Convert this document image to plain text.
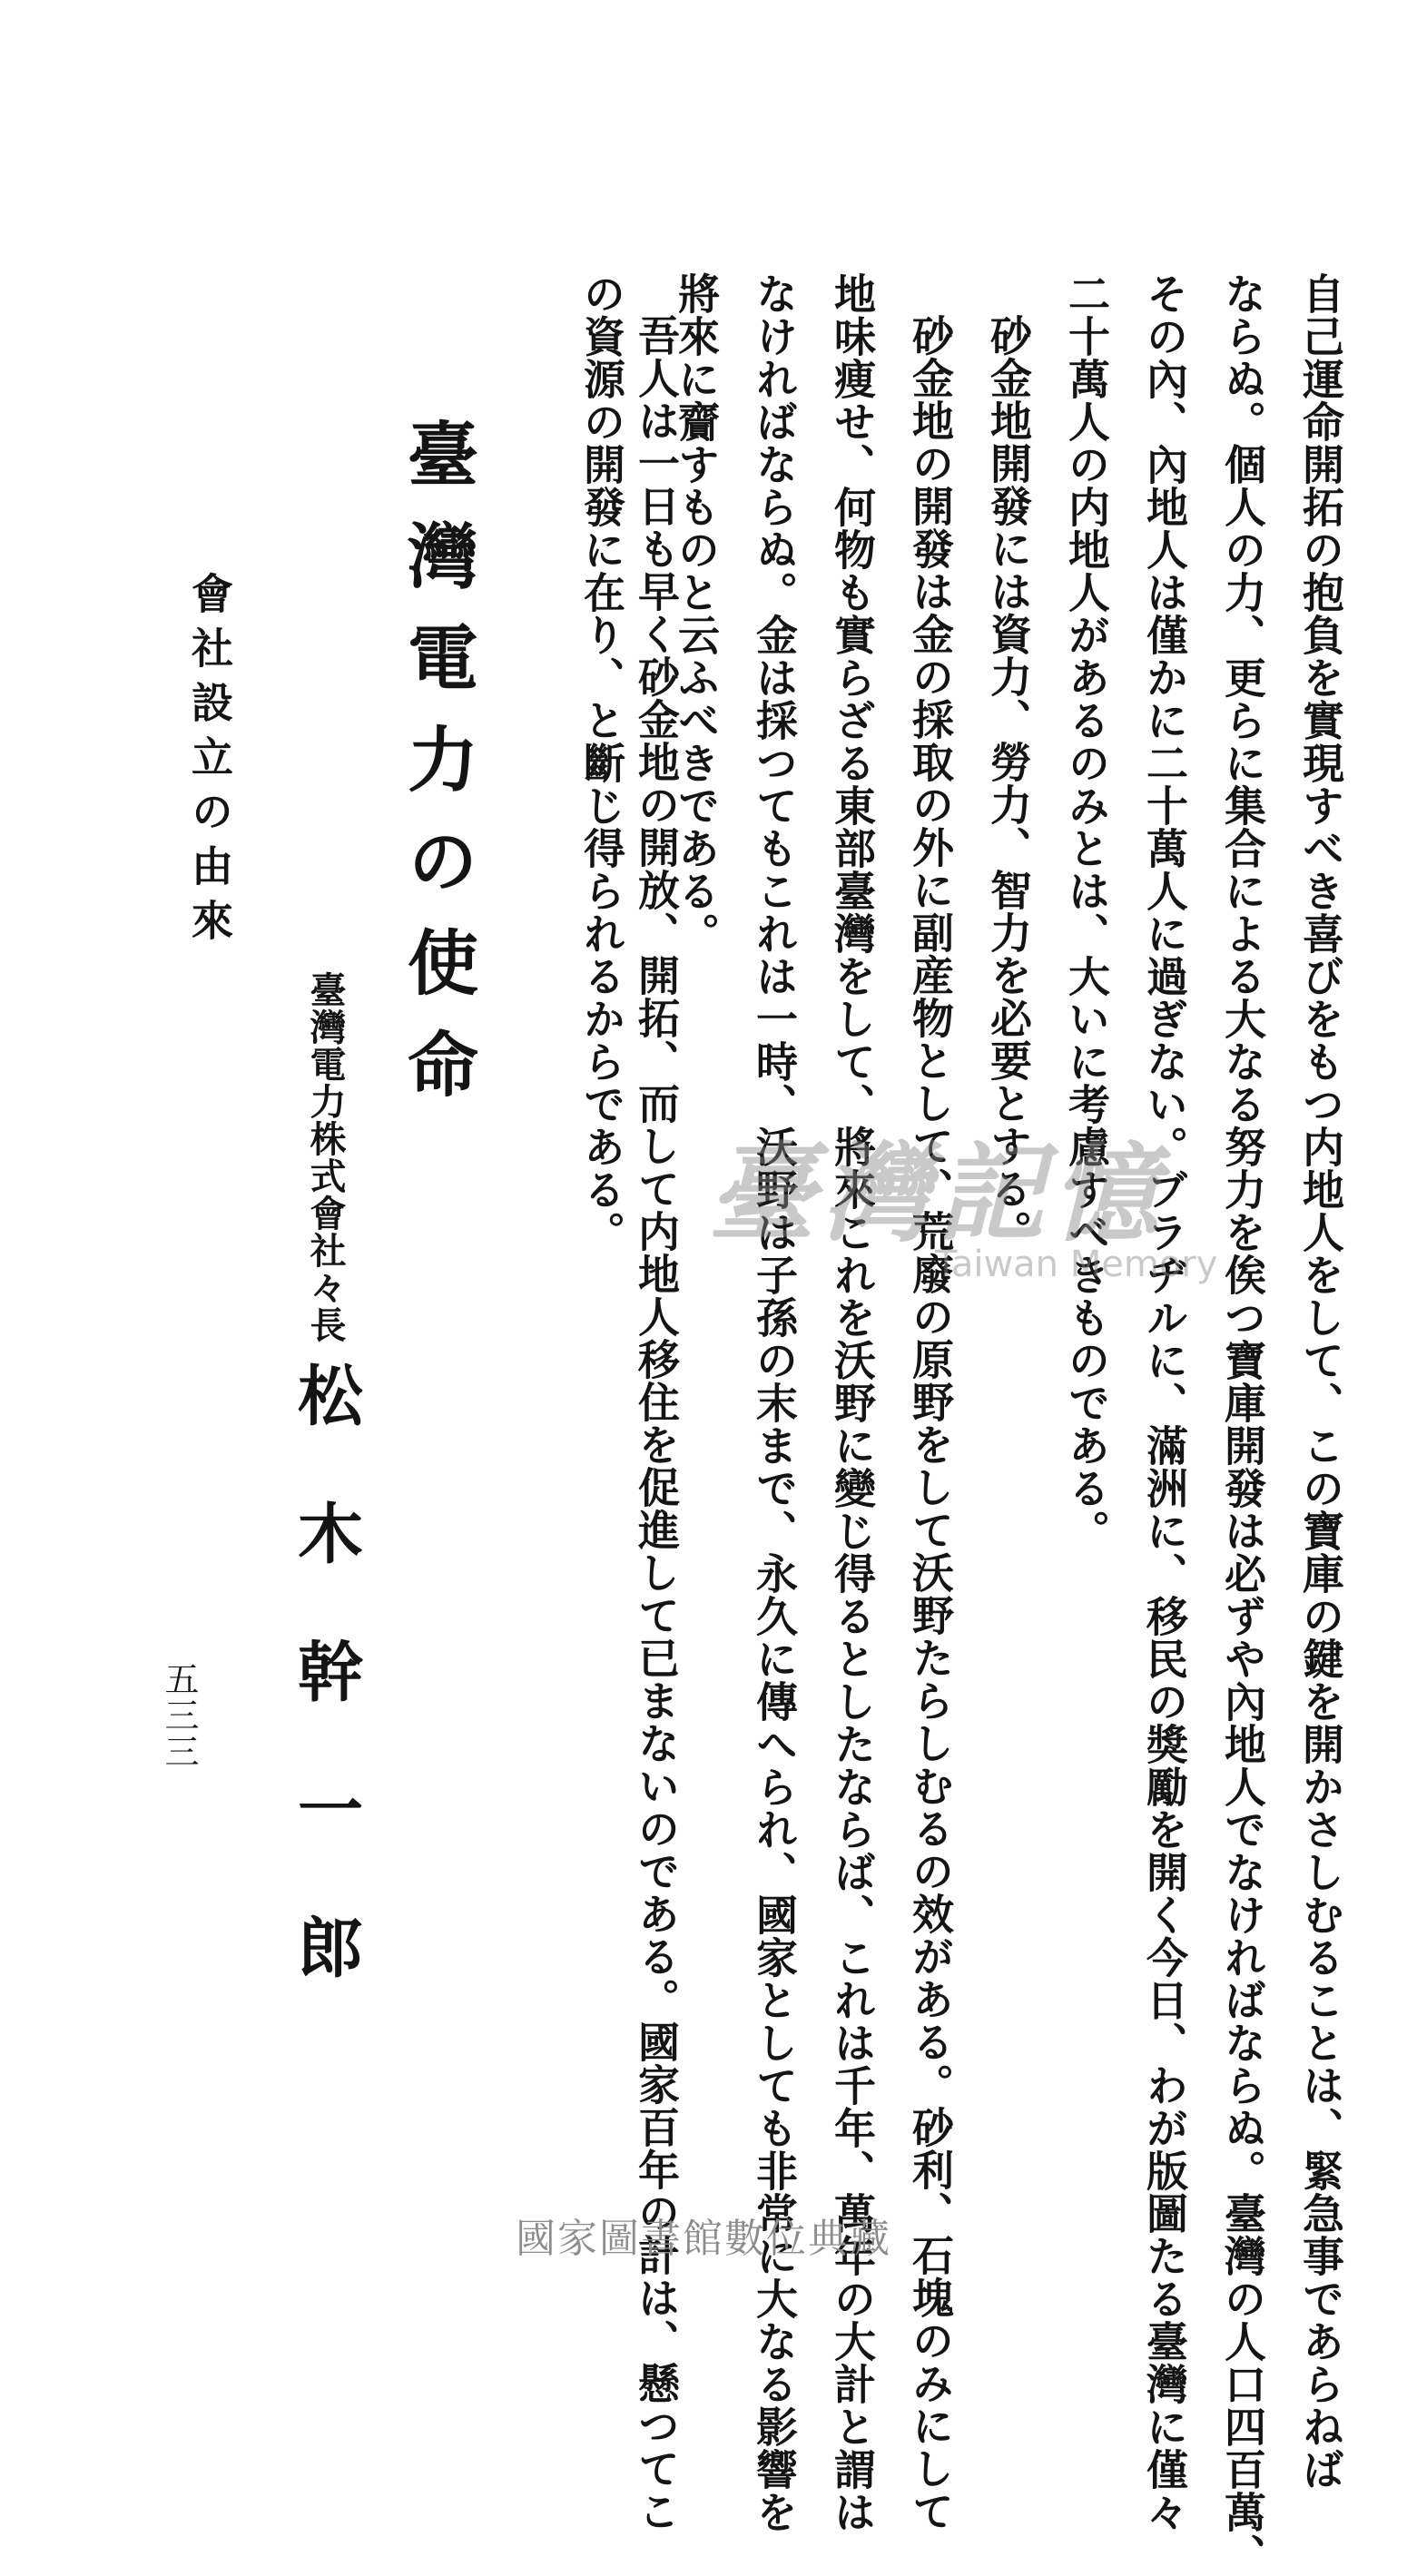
自己運命開拓の抱負を實現すべき喜びをもつ内地人をして、この寶庫の鍵を開かさしむることは、緊急事であらねば
ならぬ。個人の力、更らに集合による大なる努力を俟つ寶庫開發は必ずや內地人でなければならぬ。臺灣の人口四百萬、
その內、內地人は僅かに二十萬人に過ぎない。ブラヂルに、滿洲に、移民の獎勵を開く今日、わが版圖たる臺灣に僅々
二十萬人の内地人があるのみとは、大いに考慮すべきものである。
砂金地開發には資力、勞力、智力を必要とする。
砂金地の開發は金の採取の外に副産物として、荒廢の原野をして沃野たらしむるの效がある。砂利、石塊のみにして
地味痩せ、何物も實らざる東部臺灣をして、將來これを沃野に變じ得るとしたならば、これは千年、萬年の大計と謂は
なければならぬ。金は採つてもこれは一時、沃野は子孫の末まで、永久に傳へられ、國家としても非常に大なる影響を
將來に齎すものと云ふべきである。
吾人は一日も早く砂金地の開放、開拓、而して内地人移住を促進して已まないのである。國家百年の計は、懸つてこ
の資源の開發に在り、と斷じ得られるからである。
臺灣電力の使命
臺灣電力株式會社々長
松木幹一郎
會社設立の由來
五三三
臺灣記憶
Taiwan Memory
國家圖書館數位典藏
